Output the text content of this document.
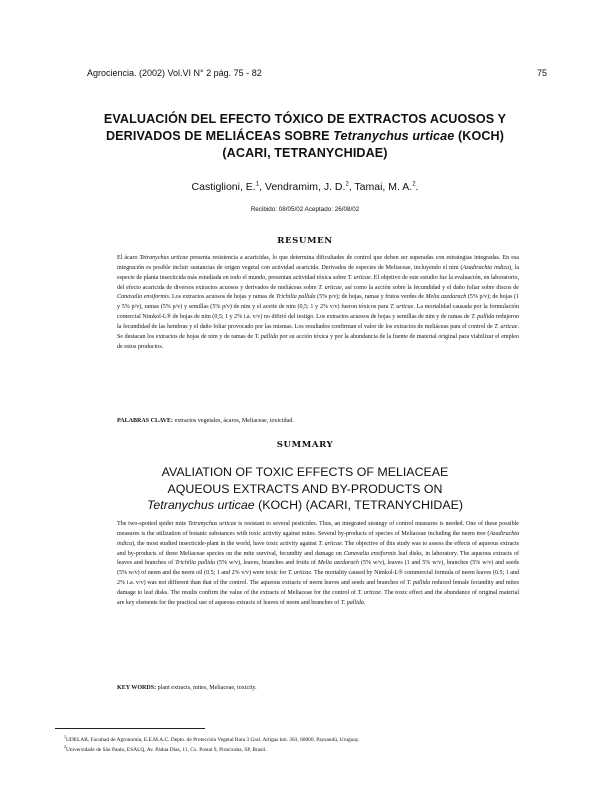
Agrociencia. (2002) Vol.VI N° 2 pág. 75 - 82	75
EVALUACIÓN DEL EFECTO TÓXICO DE EXTRACTOS ACUOSOS Y
DERIVADOS DE MELIÁCEAS SOBRE Tetranychus urticae (KOCH)
(ACARI, TETRANYCHIDAE)
Castiglioni, E.$^1$, Vendramim, J. D.$^2$, Tamai, M. A.$^2$.
Recibido: 08/05/02 Aceptado: 26/08/02
RESUMEN
El ácaro Tetranychus urticae presenta resistencia a acaricidas, lo que determina dificultades de control que deben ser superadas con estrategias integradas. En esa integración es posible incluir sustancias de origen vegetal con actividad acaricida. Derivados de especies de Meliaceae, incluyendo el nim (Azadirachta indica), la especie de planta insecticida más estudiada en todo el mundo, presentan actividad tóxica sobre T. urticae. El objetivo de este estudio fue la evaluación, en laboratorio, del efecto acaricida de diversos extractos acuosos y derivados de meliáceas sobre T. urticae, así como la acción sobre la fecundidad y el daño foliar sobre discos de Canavalia ensiformis. Los extractos acuosos de hojas y ramas de Trichilia pallida (5% p/v); de hojas, ramas y frutos verdes de Melia azedarach (5% p/v); de hojas (1 y 5% p/v), ramas (5% p/v) y semillas (5% p/v) de nim y el aceite de nim (0,5; 1 y 2% v/v) fueron tóxicos para T. urticae. La mortalidad causada por la formulación comercial Nimkol-L® de hojas de nim (0,5; 1 y 2% i.a. v/v) no difirió del testigo. Los extractos acuosos de hojas y semillas de nim y de ramas de T. pallida redujeron la fecundidad de las hembras y el daño foliar provocado por las mismas. Los resultados confirman el valor de los extractos de meliáceas para el control de T. urticae. Se destacan los extractos de hojas de nim y de ramas de T. pallida por su acción tóxica y por la abundancia de la fuente de material original para viabilizar el empleo de estos productos.
PALABRAS CLAVE: extractos vegetales, ácaros, Meliaceae, toxicidad.
SUMMARY
AVALIATION OF TOXIC EFFECTS OF MELIACEAE
AQUEOUS EXTRACTS AND BY-PRODUCTS ON
Tetranychus urticae (KOCH) (ACARI, TETRANYCHIDAE)
The two-spotted spider mite Tetranychus urticae is resistant to several pesticides. Thus, an integrated strategy of control measures is needed. One of these possible measures is the utilization of botanic substances with toxic activity against mites. Several by-products of species of Meliaceae including the neem tree (Azadirachta indica), the most studied insecticide-plant in the world, have toxic activity against T. urticae. The objective of this study was to assess the effects of aqueous extracts and by-products of three Meliaceae species on the mite survival, fecundity and damage on Canavalia ensiformis leaf disks, in laboratory. The aqueous extracts of leaves and branches of Trichilia pallida (5% w/v), leaves, branches and fruits of Melia azedarach (5% w/v), leaves (1 and 5% w/v), branches (5% w/v) and seeds (5% w/v) of neem and the neem oil (0.5; 1 and 2% v/v) were toxic for T. urticae. The mortality caused by Nimkol-L® commercial formula of neem leaves (0.5; 1 and 2% i.a. v/v) was not different than that of the control. The aqueous extracts of neem leaves and seeds and branches of T. pallida reduced female fecundity and mites damage to leaf disks. The results confirm the value of the extracts of Meliaceae for the control of T. urticae. The toxic effect and the abundance of original material are key elements for the practical use of aqueous extracts of leaves of neem and branches of T. pallida.
KEY WORDS: plant extracts, mites, Meliaceae, toxicity.
$^1$UDELAR, Facultad de Agronomía, E.E.M.A.C. Depto. de Protección Vegetal Ruta 3 Gral. Artigas km. 363, 60000, Paysandú, Uruguay.
$^2$Universidade de São Paulo, ESALQ, Av. Pádua Dias, 11, Cx. Postal 9, Piracicaba, SP, Brasil.
